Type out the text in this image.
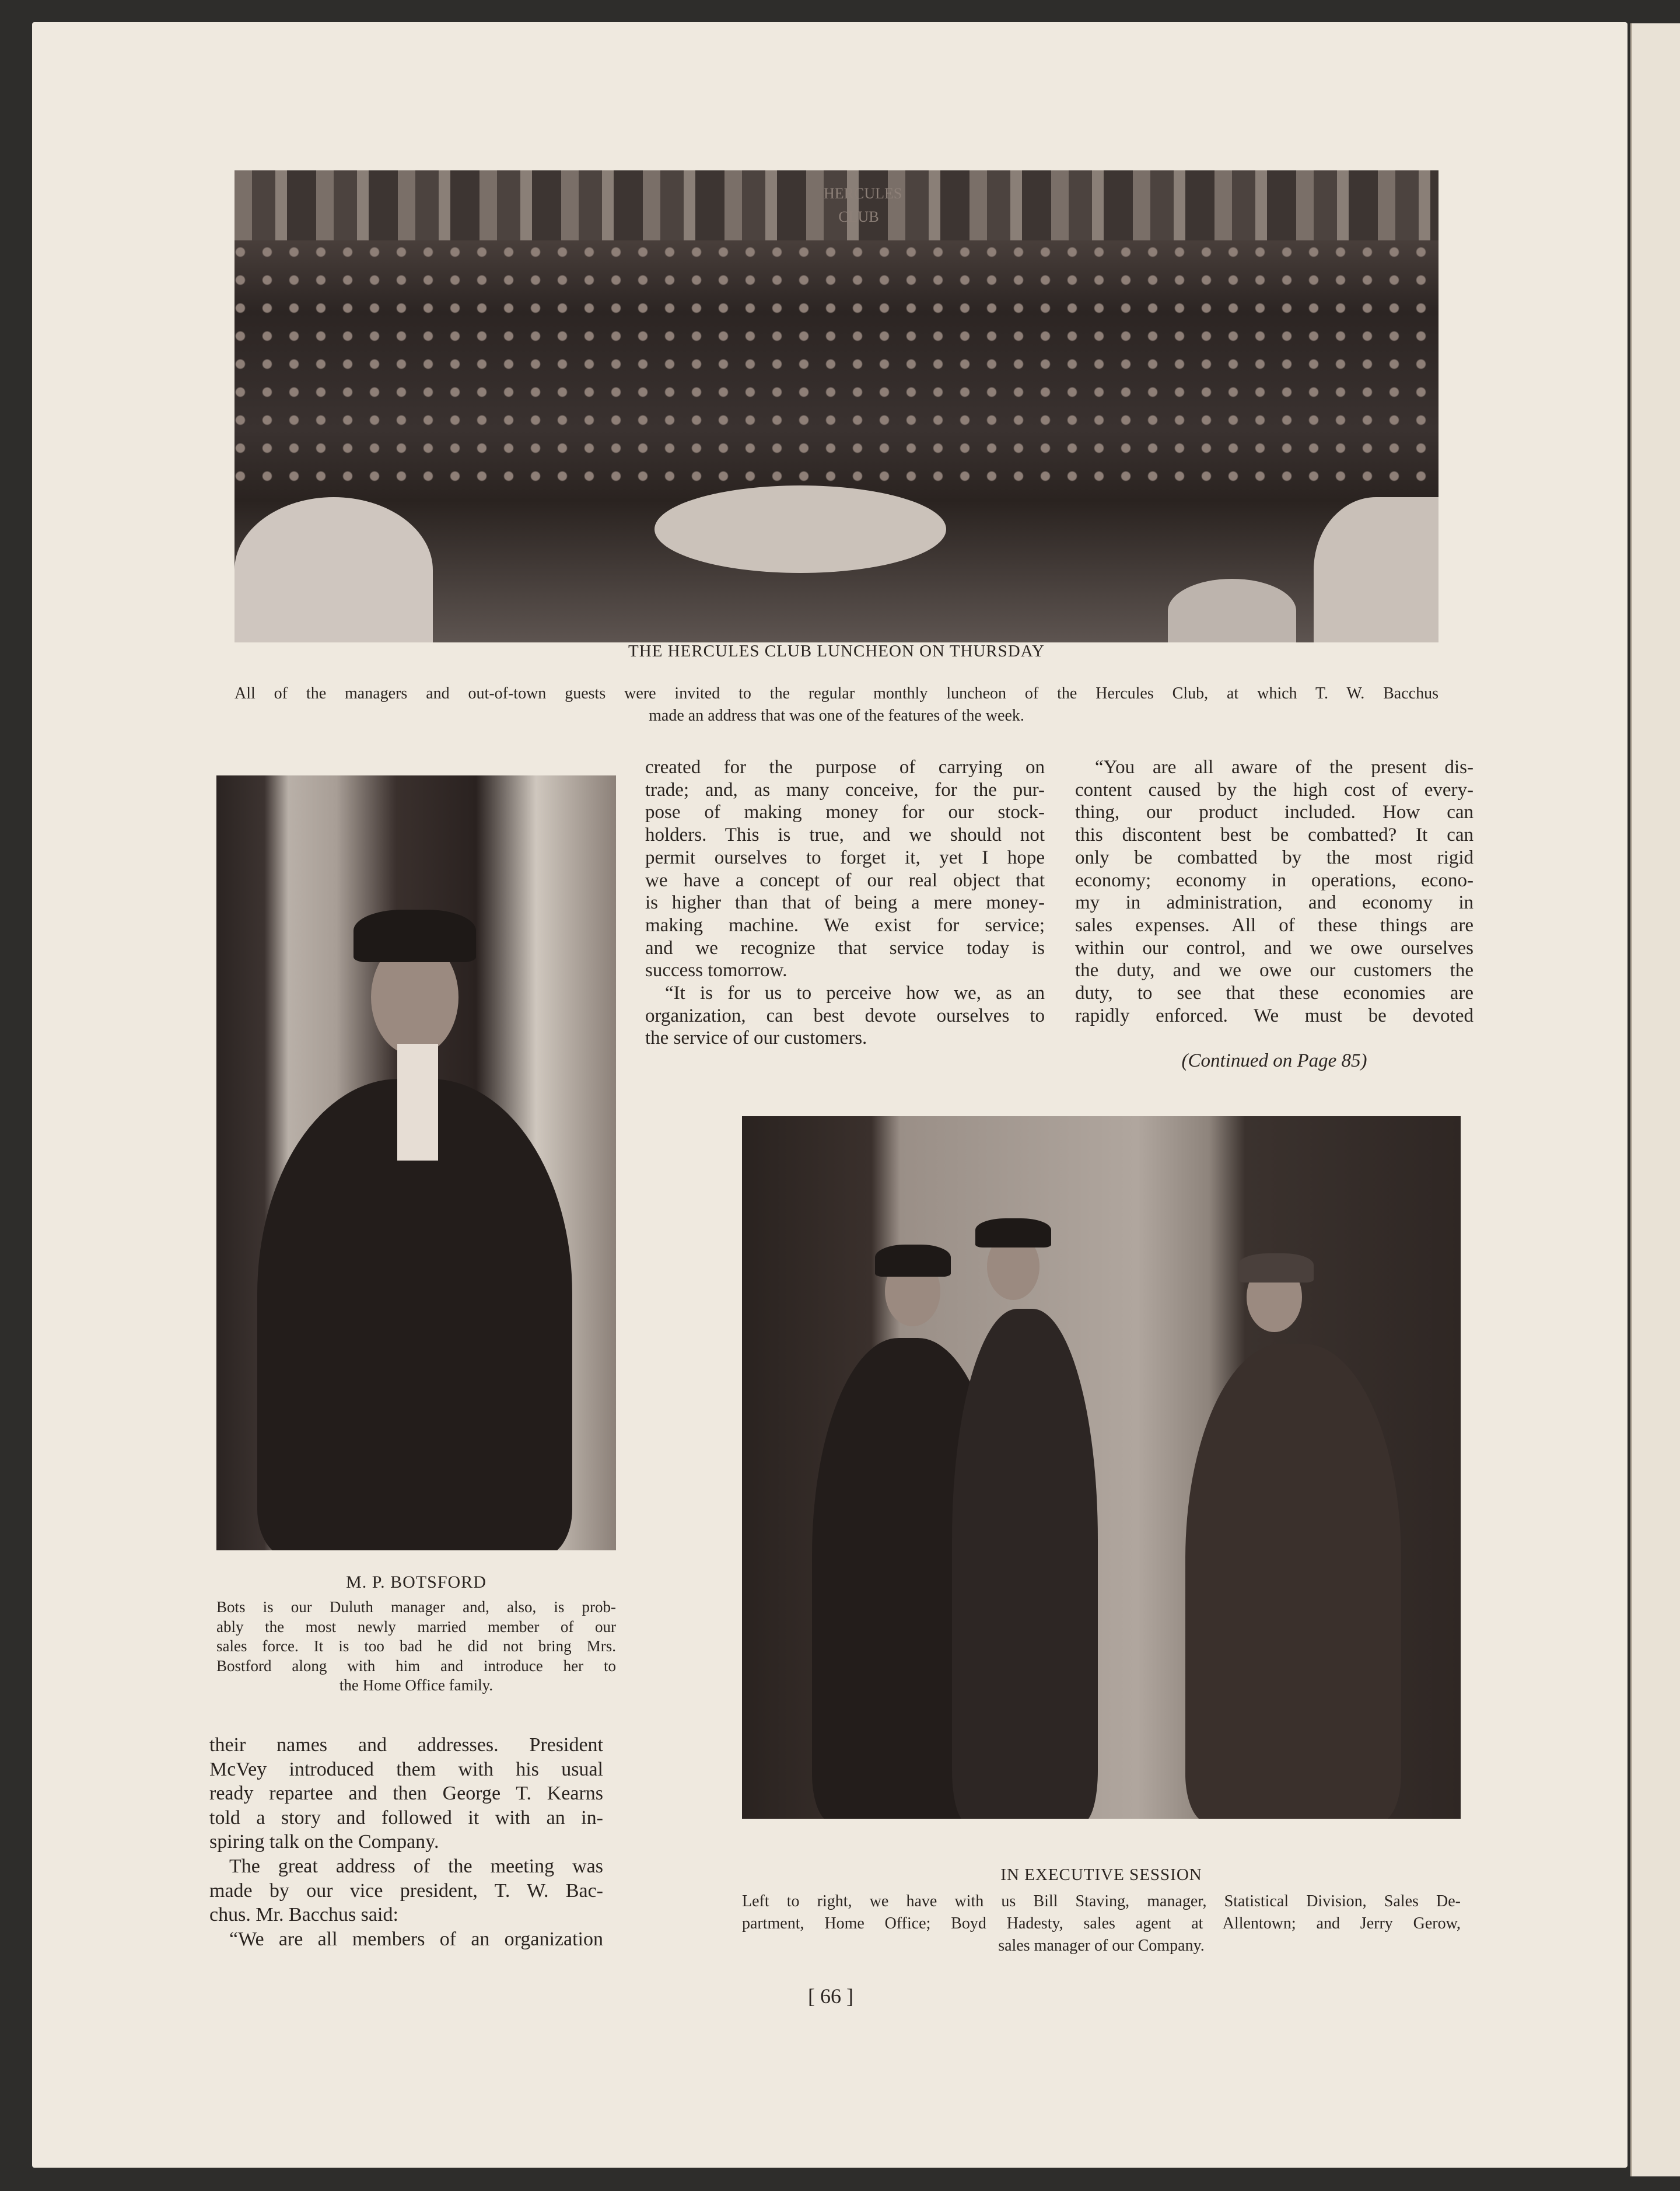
HERCULES CLUB
THE HERCULES CLUB LUNCHEON ON THURSDAY
All of the managers and out-of-town guests were invited to the regular monthly luncheon of the Hercules Club, at which T. W. Bacchus
made an address that was one of the features of the week.
M. P. BOTSFORD
Bots is our Duluth manager and, also, is prob-
ably the most newly married member of our
sales force. It is too bad he did not bring Mrs.
Bostford along with him and introduce her to
the Home Office family.
their names and addresses. President
McVey introduced them with his usual
ready repartee and then George T. Kearns
told a story and followed it with an in-
spiring talk on the Company.
The great address of the meeting was
made by our vice president, T. W. Bac-
chus. Mr. Bacchus said:
“We are all members of an organization
created for the purpose of carrying on
trade; and, as many conceive, for the pur-
pose of making money for our stock-
holders. This is true, and we should not
permit ourselves to forget it, yet I hope
we have a concept of our real object that
is higher than that of being a mere money-
making machine. We exist for service;
and we recognize that service today is
success tomorrow.
“It is for us to perceive how we, as an
organization, can best devote ourselves to
the service of our customers.
“You are all aware of the present dis-
content caused by the high cost of every-
thing, our product included. How can
this discontent best be combatted? It can
only be combatted by the most rigid
economy; economy in operations, econo-
my in administration, and economy in
sales expenses. All of these things are
within our control, and we owe ourselves
the duty, and we owe our customers the
duty, to see that these economies are
rapidly enforced. We must be devoted
(Continued on Page 85)
IN EXECUTIVE SESSION
Left to right, we have with us Bill Staving, manager, Statistical Division, Sales De-
partment, Home Office; Boyd Hadesty, sales agent at Allentown; and Jerry Gerow,
sales manager of our Company.
[ 66 ]
